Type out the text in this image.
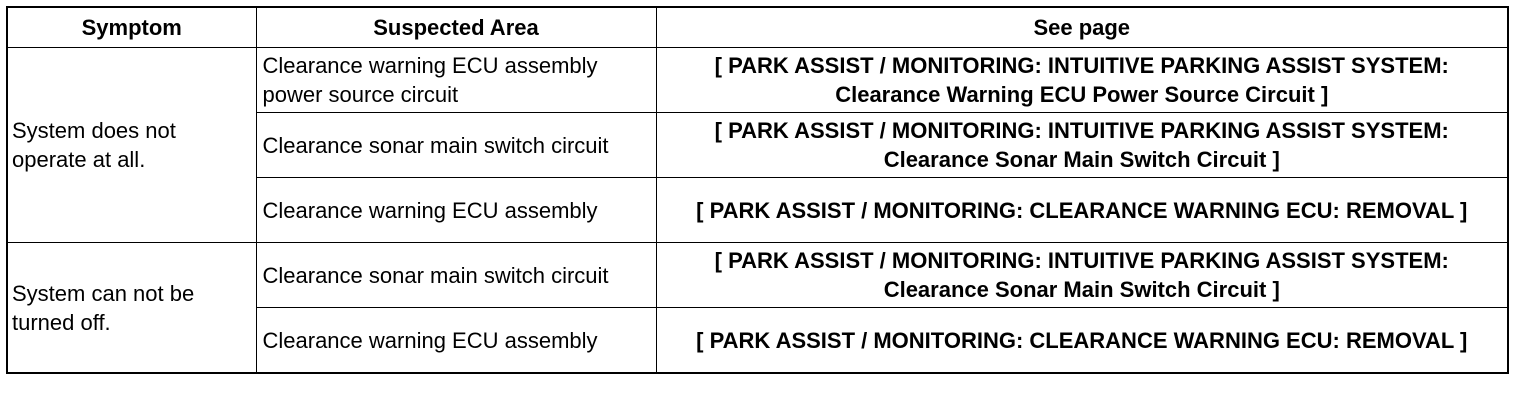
Symptom	Suspected Area	See page
System does not operate at all.	Clearance warning ECU assembly power source circuit	[ PARK ASSIST / MONITORING: INTUITIVE PARKING ASSIST SYSTEM: Clearance Warning ECU Power Source Circuit ]
	Clearance sonar main switch circuit	[ PARK ASSIST / MONITORING: INTUITIVE PARKING ASSIST SYSTEM: Clearance Sonar Main Switch Circuit ]
	Clearance warning ECU assembly	[ PARK ASSIST / MONITORING: CLEARANCE WARNING ECU: REMOVAL ]
System can not be turned off.	Clearance sonar main switch circuit	[ PARK ASSIST / MONITORING: INTUITIVE PARKING ASSIST SYSTEM: Clearance Sonar Main Switch Circuit ]
	Clearance warning ECU assembly	[ PARK ASSIST / MONITORING: CLEARANCE WARNING ECU: REMOVAL ]
